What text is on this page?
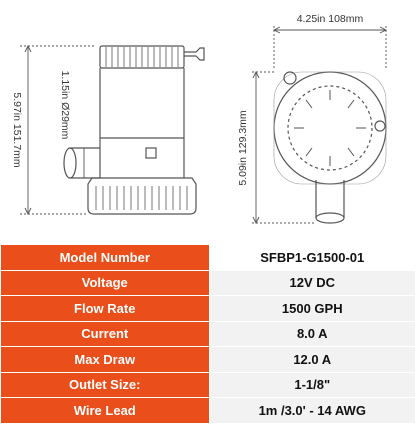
4.25in 108mm
5.97in 151.7mm	1.15in Ø29mm
5.09in 129.3mm
Model Number	SFBP1-G1500-01
Voltage	12V DC
Flow Rate	1500 GPH
Current	8.0 A
Max Draw	12.0 A
Outlet Size:	1-1/8"
Wire Lead	1m /3.0' - 14 AWG
